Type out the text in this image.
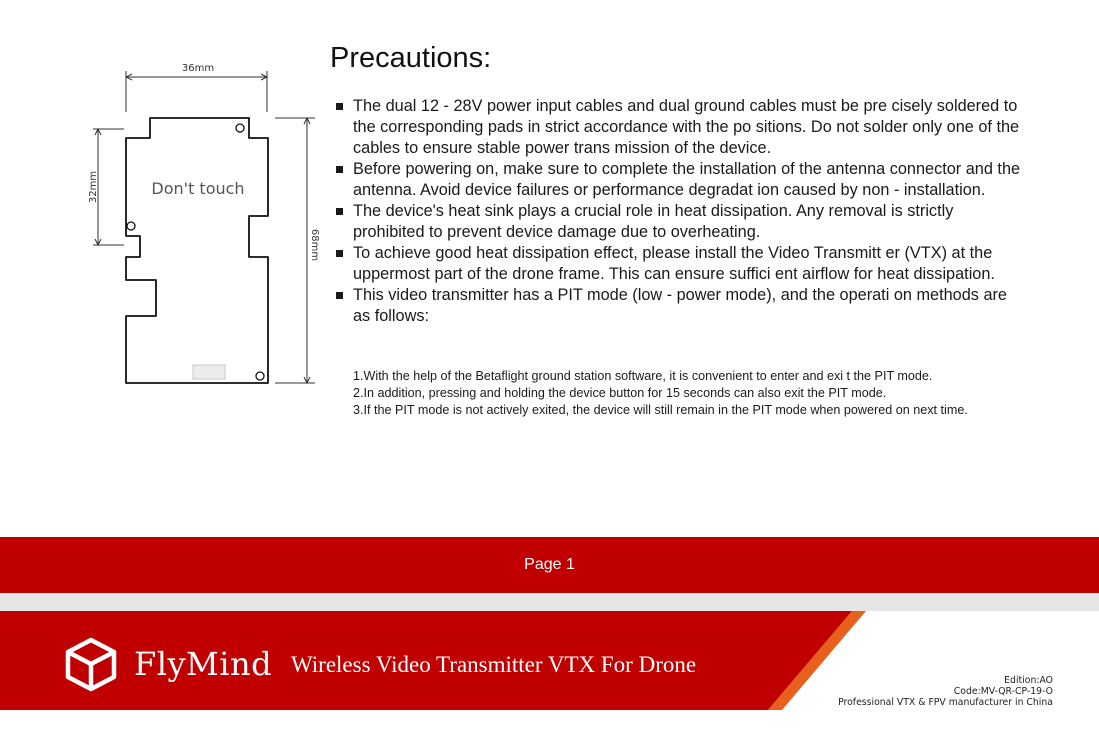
36mm
32mm
68mm
Don't touch
Precautions:
The dual 12 - 28V power input cables and dual ground cables must be pre cisely soldered to the corresponding pads in strict accordance with the po sitions. Do not solder only one of the cables to ensure stable power trans mission of the device.
Before powering on, make sure to complete the installation of the antenna connector and the antenna. Avoid device failures or performance degradat ion caused by non - installation.
The device's heat sink plays a crucial role in heat dissipation. Any removal is strictly prohibited to prevent device damage due to overheating.
To achieve good heat dissipation effect, please install the Video Transmitt er (VTX) at the uppermost part of the drone frame. This can ensure suffici ent airflow for heat dissipation.
This video transmitter has a PIT mode (low - power mode), and the operati on methods are as follows:
1.With the help of the Betaflight ground station software, it is convenient to enter and exi t the PIT mode.
2.In addition, pressing and holding the device button for 15 seconds can also exit the PIT mode.
3.If the PIT mode is not actively exited, the device will still remain in the PIT mode when powered on next time.
Page 1
FlyMind Wireless Video Transmitter VTX For Drone
Edition:AO
Code:MV-QR-CP-19-O
Professional VTX & FPV manufacturer in China
